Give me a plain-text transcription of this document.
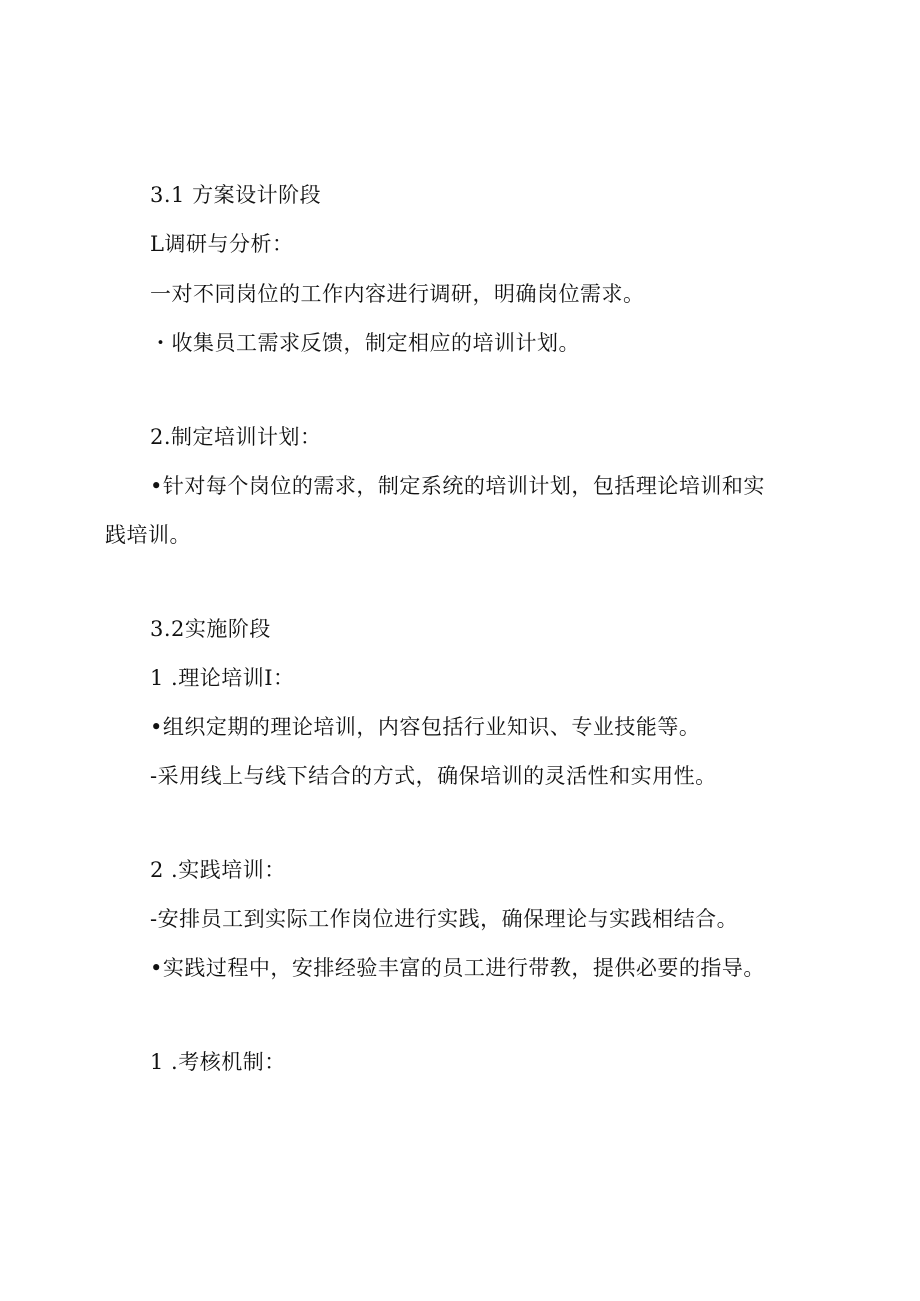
3.1 方案设计阶段
L调研与分析：
一对不同岗位的工作内容进行调研，明确岗位需求。
・收集员工需求反馈，制定相应的培训计划。
2.制定培训计划：
•针对每个岗位的需求，制定系统的培训计划，包括理论培训和实
践培训。
3.2实施阶段
1 .理论培训I：
•组织定期的理论培训，内容包括行业知识、专业技能等。
-采用线上与线下结合的方式，确保培训的灵活性和实用性。
2 .实践培训：
-安排员工到实际工作岗位进行实践，确保理论与实践相结合。
•实践过程中，安排经验丰富的员工进行带教，提供必要的指导。
1 .考核机制：
